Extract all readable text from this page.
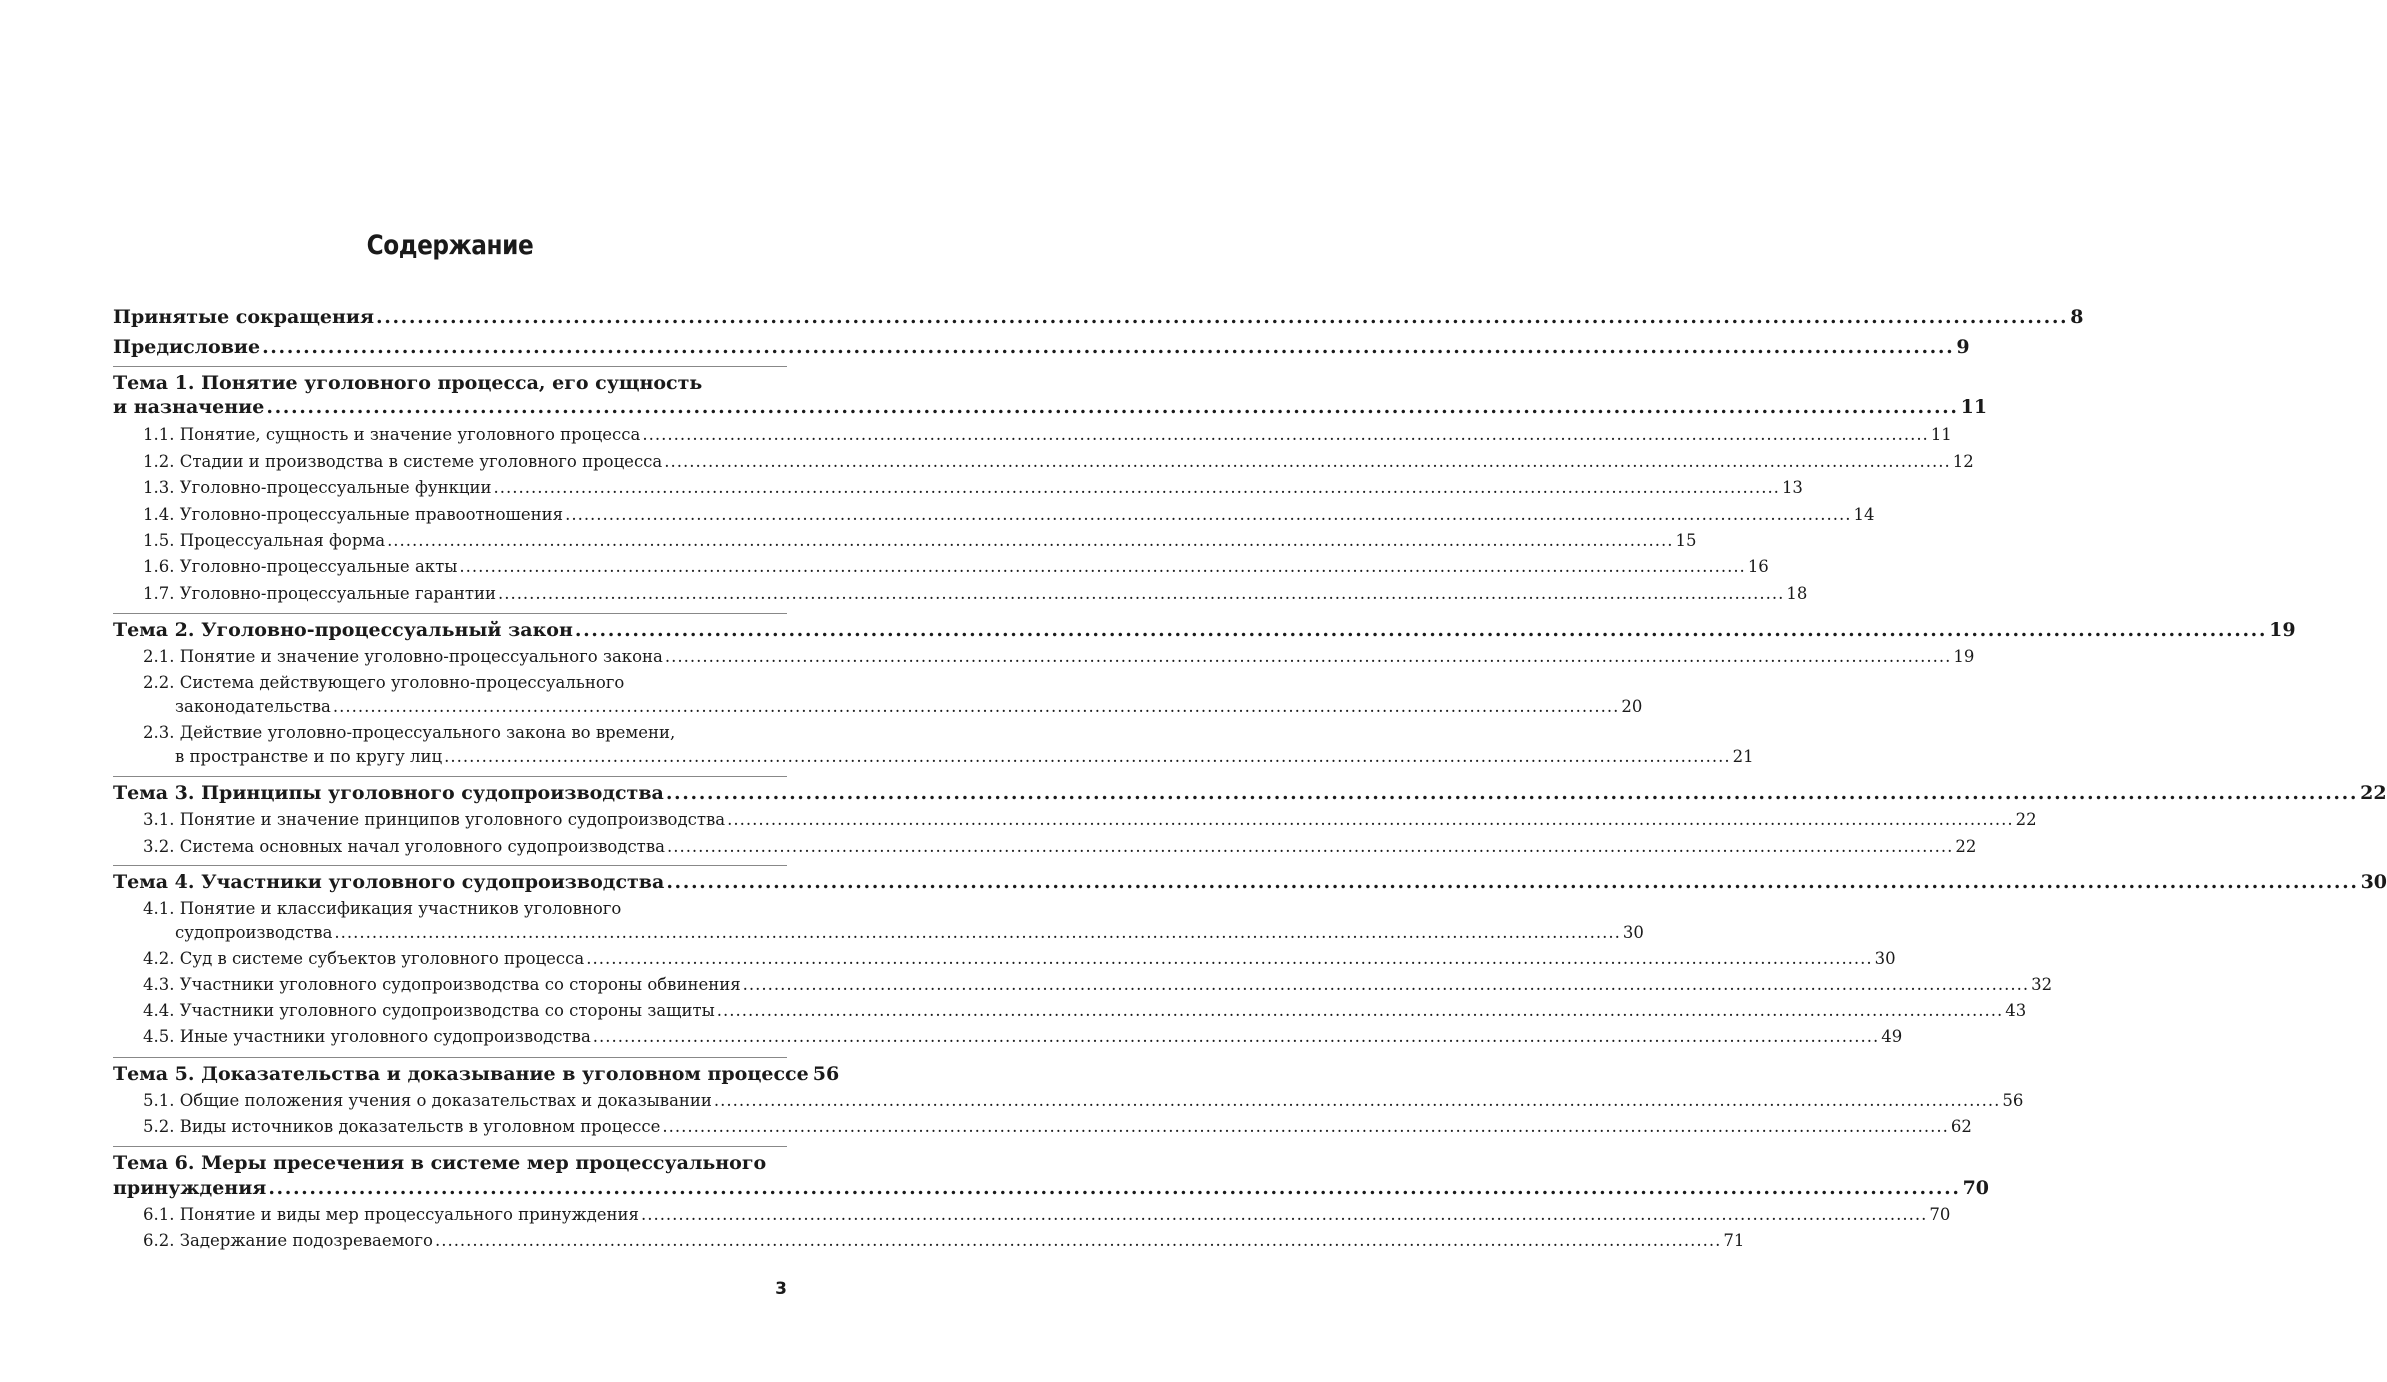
Содержание
Принятые сокращения .....	8
Предисловие .....	9
Тема 1. Понятие уголовного процесса, его сущность
и назначение .....	11
1.1. Понятие, сущность и значение уголовного процесса .....	11
1.2. Стадии и производства в системе уголовного процесса .....	12
1.3. Уголовно-процессуальные функции .....	13
1.4. Уголовно-процессуальные правоотношения .....	14
1.5. Процессуальная форма .....	15
1.6. Уголовно-процессуальные акты .....	16
1.7. Уголовно-процессуальные гарантии .....	18
Тема 2. Уголовно-процессуальный закон .....	19
2.1. Понятие и значение уголовно-процессуального закона .....	19
2.2. Система действующего уголовно-процессуального
законодательства .....	20
2.3. Действие уголовно-процессуального закона во времени,
в пространстве и по кругу лиц .....	21
Тема 3. Принципы уголовного судопроизводства .....	22
3.1. Понятие и значение принципов уголовного судопроизводства .....	22
3.2. Система основных начал уголовного судопроизводства .....	22
Тема 4. Участники уголовного судопроизводства .....	30
4.1. Понятие и классификация участников уголовного
судопроизводства .....	30
4.2. Суд в системе субъектов уголовного процесса .....	30
4.3. Участники уголовного судопроизводства со стороны обвинения .....	32
4.4. Участники уголовного судопроизводства со стороны защиты .....	43
4.5. Иные участники уголовного судопроизводства .....	49
Тема 5. Доказательства и доказывание в уголовном процессе 56
5.1. Общие положения учения о доказательствах и доказывании .....	56
5.2. Виды источников доказательств в уголовном процессе .....	62
Тема 6. Меры пресечения в системе мер процессуального
принуждения .....	70
6.1. Понятие и виды мер процессуального принуждения .....	70
6.2. Задержание подозреваемого .....	71
3
